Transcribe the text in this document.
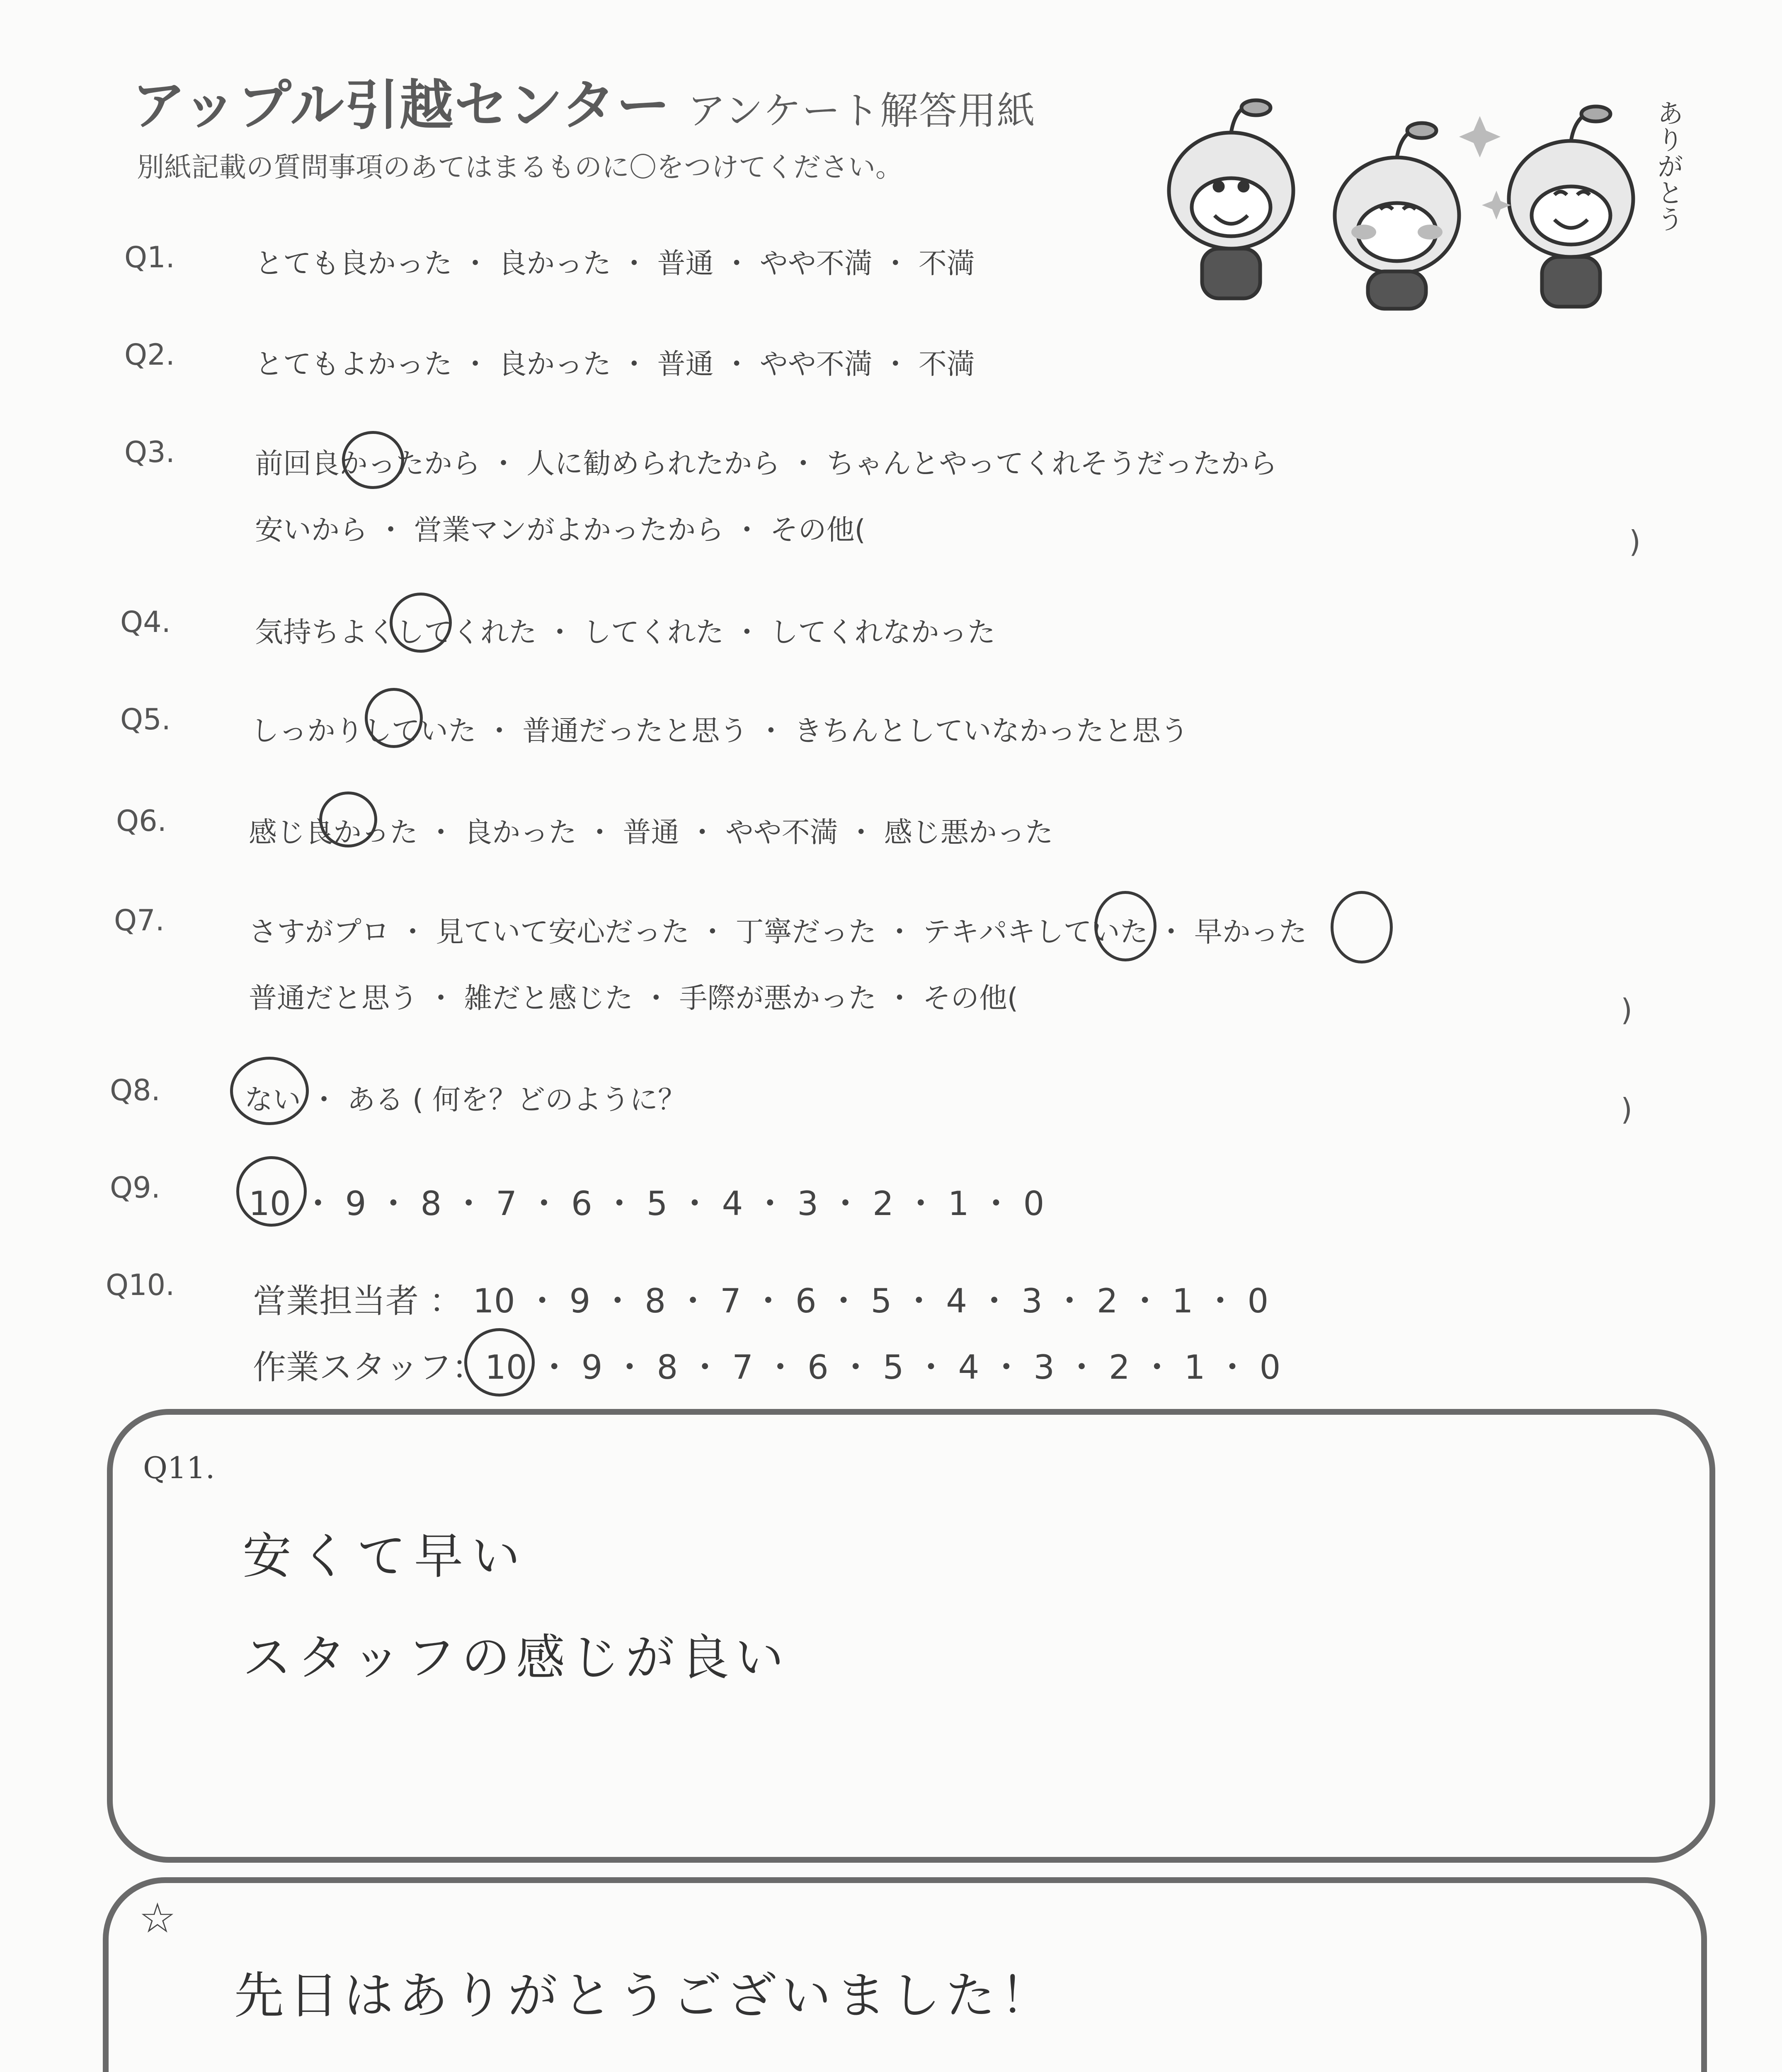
アップル引越センター アンケート解答用紙
別紙記載の質問事項のあてはまるものに〇をつけてください。	ありがとう
Q1.	とても良かった ・ 良かった ・ 普通 ・ やや不満 ・ 不満
Q2.	とてもよかった ・ 良かった ・ 普通 ・ やや不満 ・ 不満
Q3.	前回良かったから ・ 人に勧められたから ・ ちゃんとやってくれそうだったから
安いから ・ 営業マンがよかったから ・ その他(	)
Q4.	気持ちよくしてくれた ・ してくれた ・ してくれなかった
Q5.	しっかりしていた ・ 普通だったと思う ・ きちんとしていなかったと思う
Q6.	感じ良かった ・ 良かった ・ 普通 ・ やや不満 ・ 感じ悪かった
Q7.	さすがプロ ・ 見ていて安心だった ・ 丁寧だった ・ テキパキしていた ・ 早かった
普通だと思う ・ 雑だと感じた ・ 手際が悪かった ・ その他(	)
Q8.	ない ・ ある ( 何を？どのように？	)
Q9.	10 ・ 9 ・ 8 ・ 7 ・ 6 ・ 5 ・ 4 ・ 3 ・ 2 ・ 1 ・ 0
Q10. 営業担当者 ： 10 ・ 9 ・ 8 ・ 7 ・ 6 ・ 5 ・ 4 ・ 3 ・ 2 ・ 1 ・ 0
作業スタッフ：10 ・ 9 ・ 8 ・ 7 ・ 6 ・ 5 ・ 4 ・ 3 ・ 2 ・ 1 ・ 0
Q11.
安くて早い
スタッフの感じが良い
☆
先日はありがとうございました！
